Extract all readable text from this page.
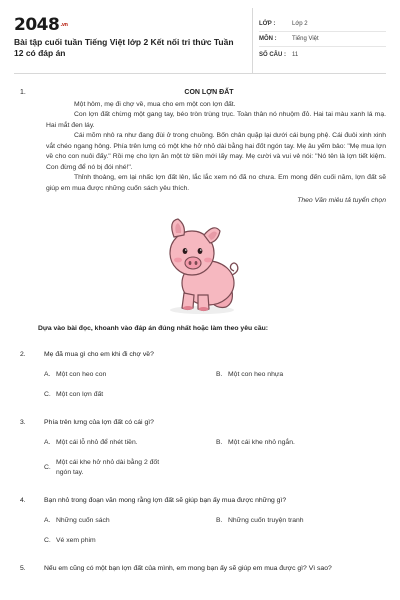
2048.vn
Bài tập cuối tuần Tiếng Việt lớp 2 Kết nối tri thức Tuần 12 có đáp án
LỚP :	Lớp 2
MÔN :	Tiếng Việt
SỐ CÂU :	11
1.	CON LỢN ĐẤT

Một hôm, mẹ đi chợ về, mua cho em một con lợn đất.

Con lợn đất chừng một gang tay, béo tròn trùng trục. Toàn thân nó nhuộm đỏ. Hai tai màu xanh lá mạ. Hai mắt đen láy.

Cái mõm nhô ra như đang đùi ở trong chuồng. Bốn chân quặp lại dưới cái bụng phệ. Cái đuôi xinh xinh vắt chéo ngang hông. Phía trên lưng có một khe hở nhỏ dài bằng hai đốt ngón tay. Mẹ âu yếm bảo: "Mẹ mua lợn về cho con nuôi đấy." Rồi mẹ cho lợn ăn một tờ tiền mới lấy may. Mẹ cười và vui vẻ nói: "Nó tên là lợn tiết kiệm. Con đừng để nó bị đói nhé!".

Thỉnh thoảng, em lại nhấc lợn đất lên, lắc lắc xem nó đã no chưa. Em mong đến cuối năm, lợn đất sẽ giúp em mua được những cuốn sách yêu thích.

Theo Văn miêu tả tuyển chọn
Dựa vào bài đọc, khoanh vào đáp án đúng nhất hoặc làm theo yêu cầu:
2.	Mẹ đã mua gì cho em khi đi chợ về?
A. Một con heo con	B. Một con heo nhựa
C. Một con lợn đất
3.	Phía trên lưng của lợn đất có cái gì?
A. Một cái lỗ nhỏ để nhét tiền.	B. Một cái khe nhỏ ngắn.
C.
Một cái khe hở nhỏ dài bằng 2 đốt ngón tay.
4.	Bạn nhỏ trong đoạn văn mong rằng lợn đất sẽ giúp bạn ấy mua được những gì?
A. Những cuốn sách	B. Những cuốn truyện tranh
C. Vé xem phim
5.	Nếu em cũng có một bạn lợn đất của mình, em mong bạn ấy sẽ giúp em mua được gì? Vì sao?
